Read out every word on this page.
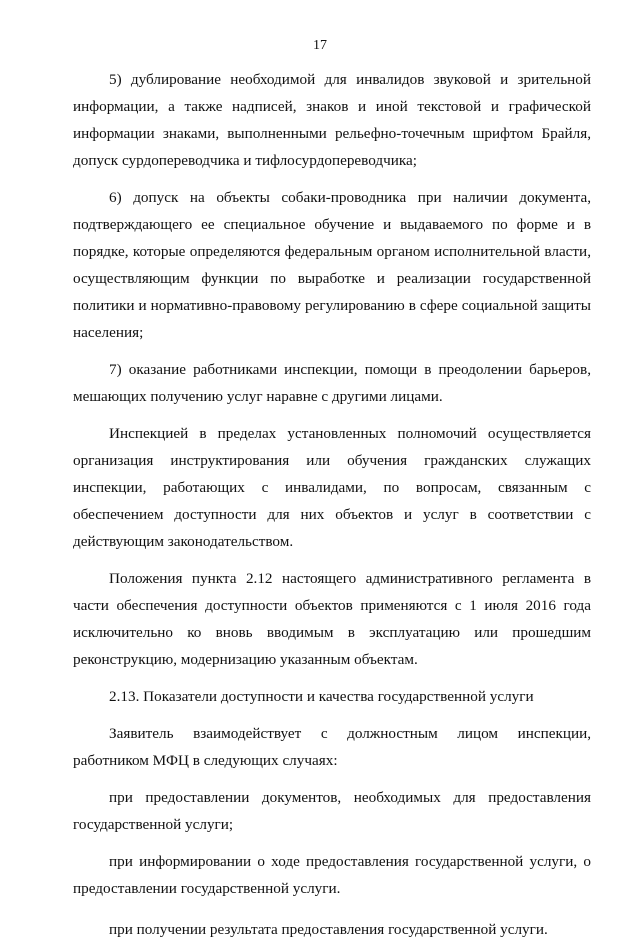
17

5) дублирование необходимой для инвалидов звуковой и зрительной информации, а также надписей, знаков и иной текстовой и графической информации знаками, выполненными рельефно-точечным шрифтом Брайля, допуск сурдопереводчика и тифлосурдопереводчика;

6) допуск на объекты собаки-проводника при наличии документа, подтверждающего ее специальное обучение и выдаваемого по форме и в порядке, которые определяются федеральным органом исполнительной власти, осуществляющим функции по выработке и реализации государственной политики и нормативно-правовому регулированию в сфере социальной защиты населения;

7) оказание работниками инспекции, помощи в преодолении барьеров, мешающих получению услуг наравне с другими лицами.

Инспекцией в пределах установленных полномочий осуществляется организация инструктирования или обучения гражданских служащих инспекции, работающих с инвалидами, по вопросам, связанным с обеспечением доступности для них объектов и услуг в соответствии с действующим законодательством.

Положения пункта 2.12 настоящего административного регламента в части обеспечения доступности объектов применяются с 1 июля 2016 года исключительно ко вновь вводимым в эксплуатацию или прошедшим реконструкцию, модернизацию указанным объектам.

2.13. Показатели доступности и качества государственной услуги

Заявитель взаимодействует с должностным лицом инспекции, работником МФЦ в следующих случаях:

при предоставлении документов, необходимых для предоставления государственной услуги;

при информировании о ходе предоставления государственной услуги, о предоставлении государственной услуги.

при получении результата предоставления государственной услуги.
